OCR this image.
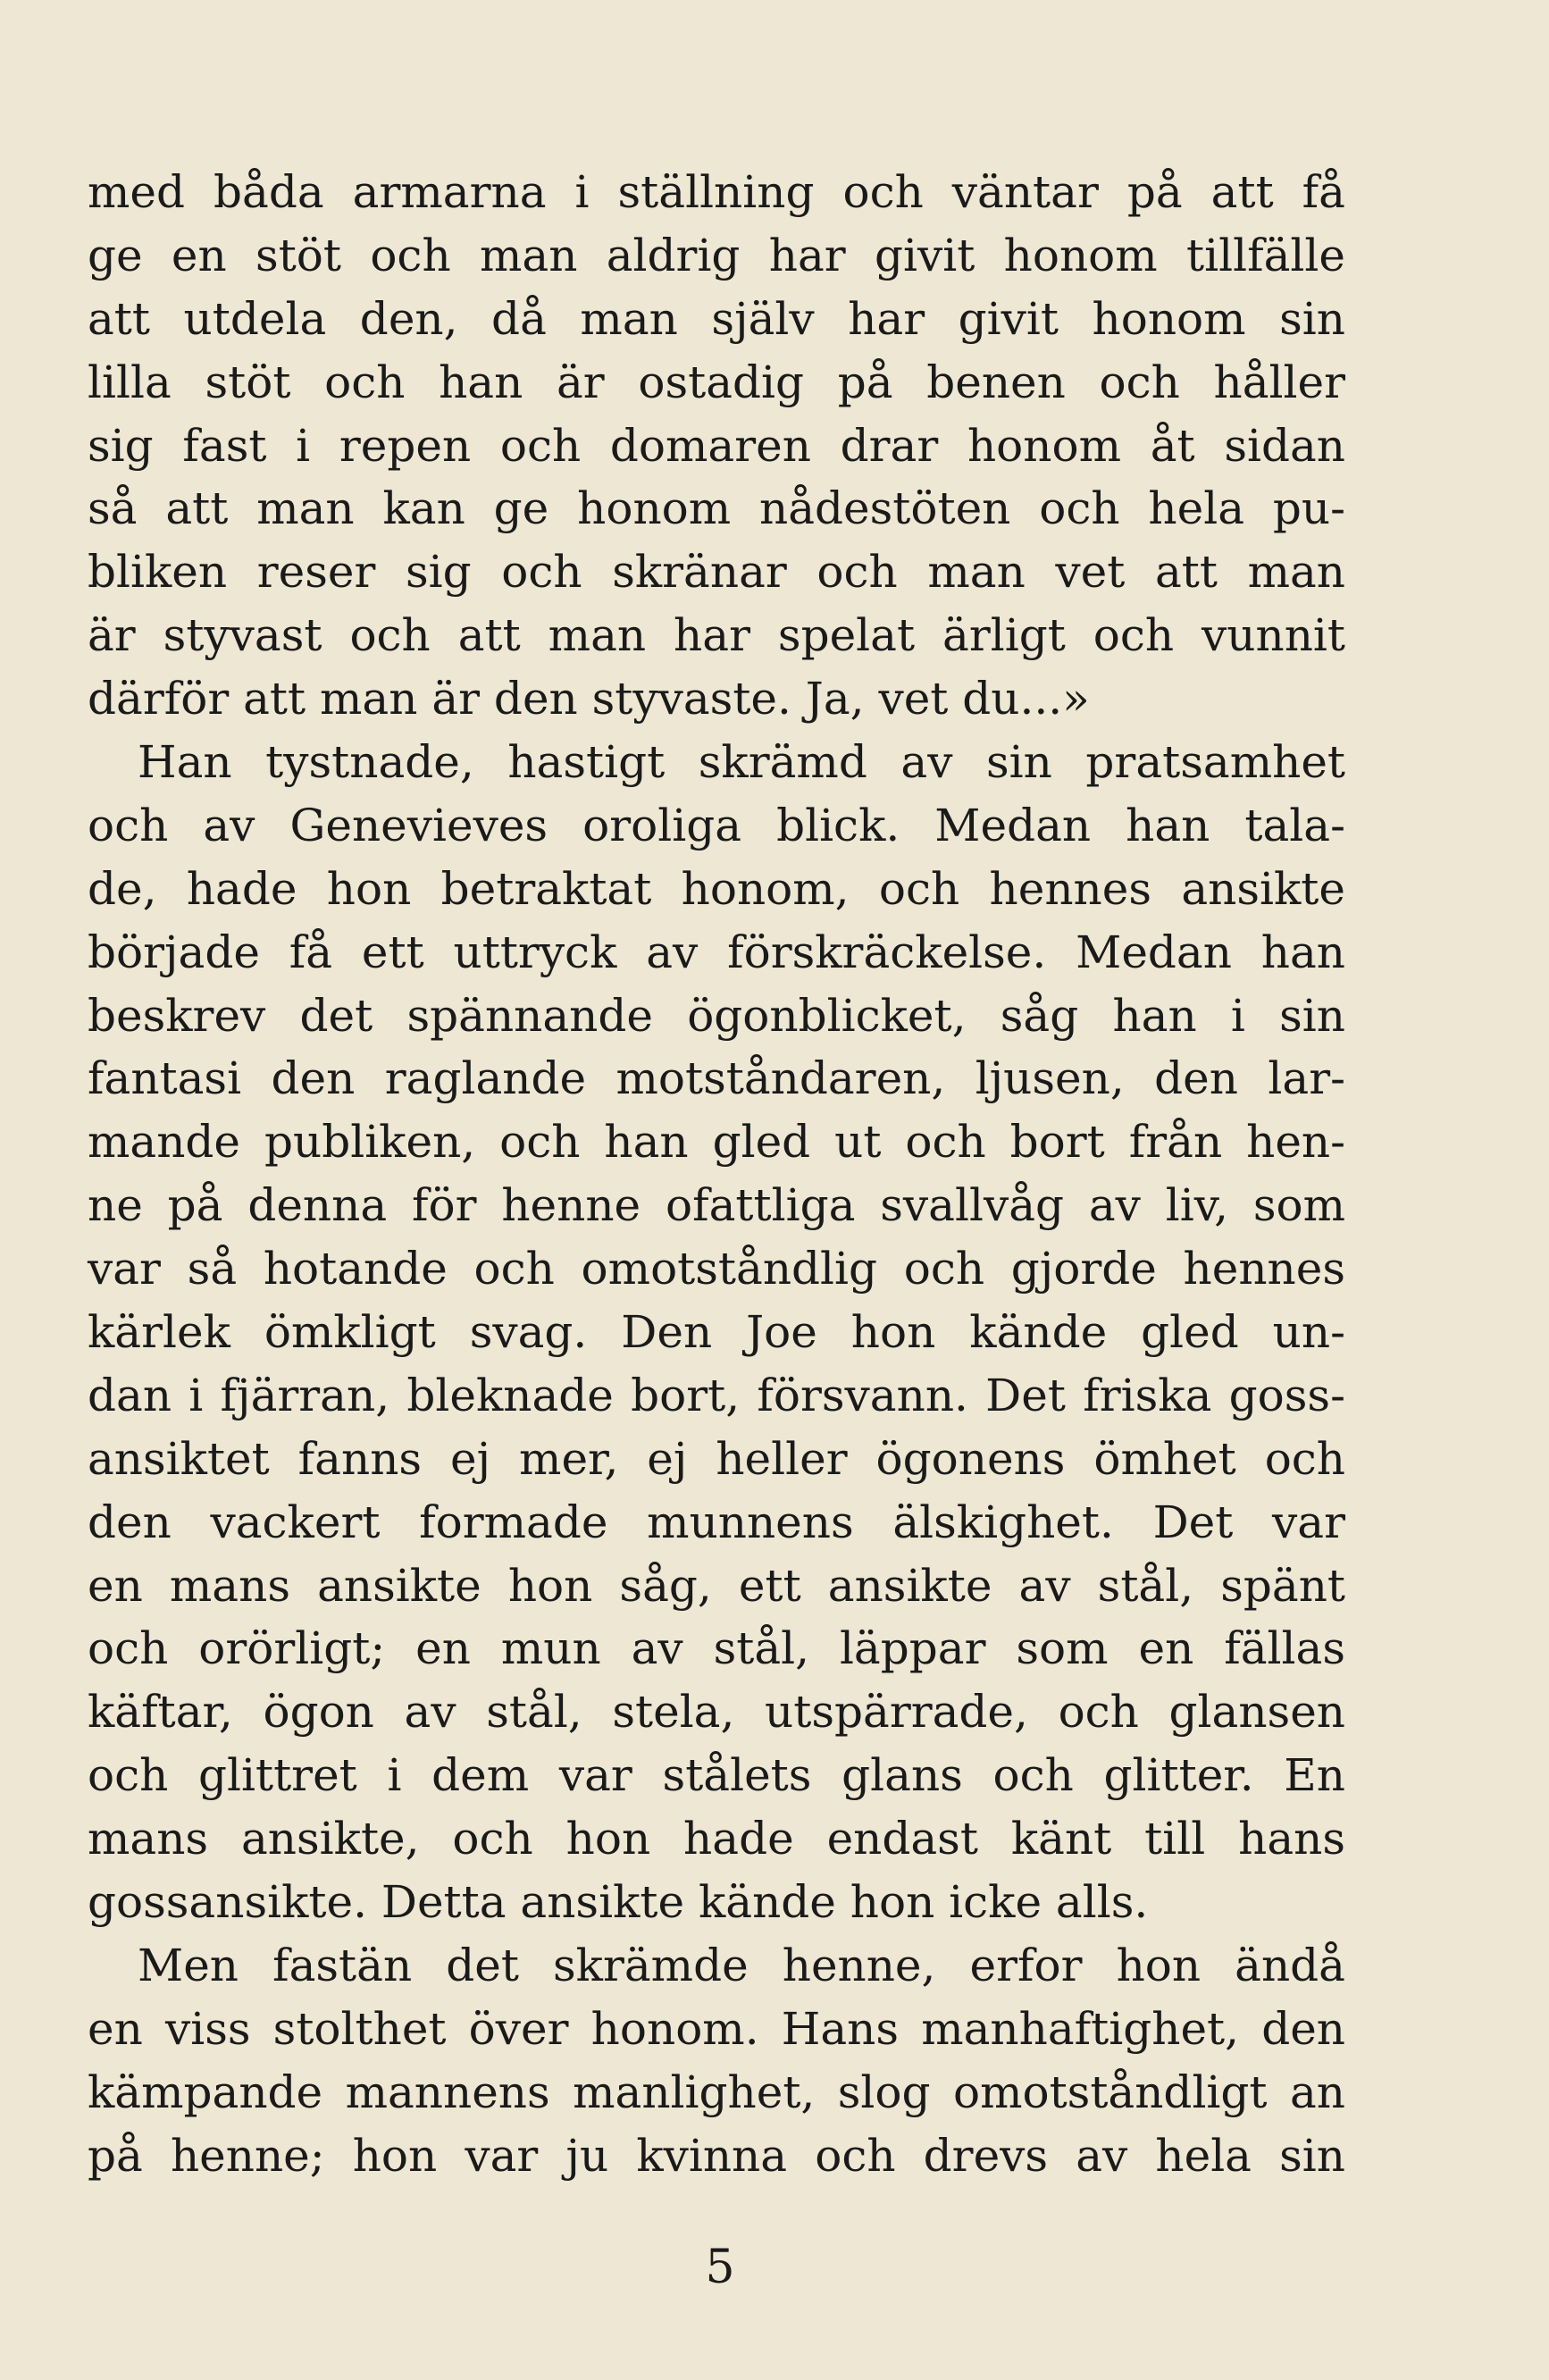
med båda armarna i ställning och väntar på att få
ge en stöt och man aldrig har givit honom tillfälle
att utdela den, då man själv har givit honom sin
lilla stöt och han är ostadig på benen och håller
sig fast i repen och domaren drar honom åt sidan
så att man kan ge honom nådestöten och hela pu-
bliken reser sig och skränar och man vet att man
är styvast och att man har spelat ärligt och vunnit
därför att man är den styvaste. Ja, vet du...»
Han tystnade, hastigt skrämd av sin pratsamhet
och av Genevieves oroliga blick. Medan han tala-
de, hade hon betraktat honom, och hennes ansikte
började få ett uttryck av förskräckelse. Medan han
beskrev det spännande ögonblicket, såg han i sin
fantasi den raglande motståndaren, ljusen, den lar-
mande publiken, och han gled ut och bort från hen-
ne på denna för henne ofattliga svallvåg av liv, som
var så hotande och omotståndlig och gjorde hennes
kärlek ömkligt svag. Den Joe hon kände gled un-
dan i fjärran, bleknade bort, försvann. Det friska goss-
ansiktet fanns ej mer, ej heller ögonens ömhet och
den vackert formade munnens älskighet. Det var
en mans ansikte hon såg, ett ansikte av stål, spänt
och orörligt; en mun av stål, läppar som en fällas
käftar, ögon av stål, stela, utspärrade, och glansen
och glittret i dem var stålets glans och glitter. En
mans ansikte, och hon hade endast känt till hans
gossansikte. Detta ansikte kände hon icke alls.
Men fastän det skrämde henne, erfor hon ändå
en viss stolthet över honom. Hans manhaftighet, den
kämpande mannens manlighet, slog omotståndligt an
på henne; hon var ju kvinna och drevs av hela sin
5
